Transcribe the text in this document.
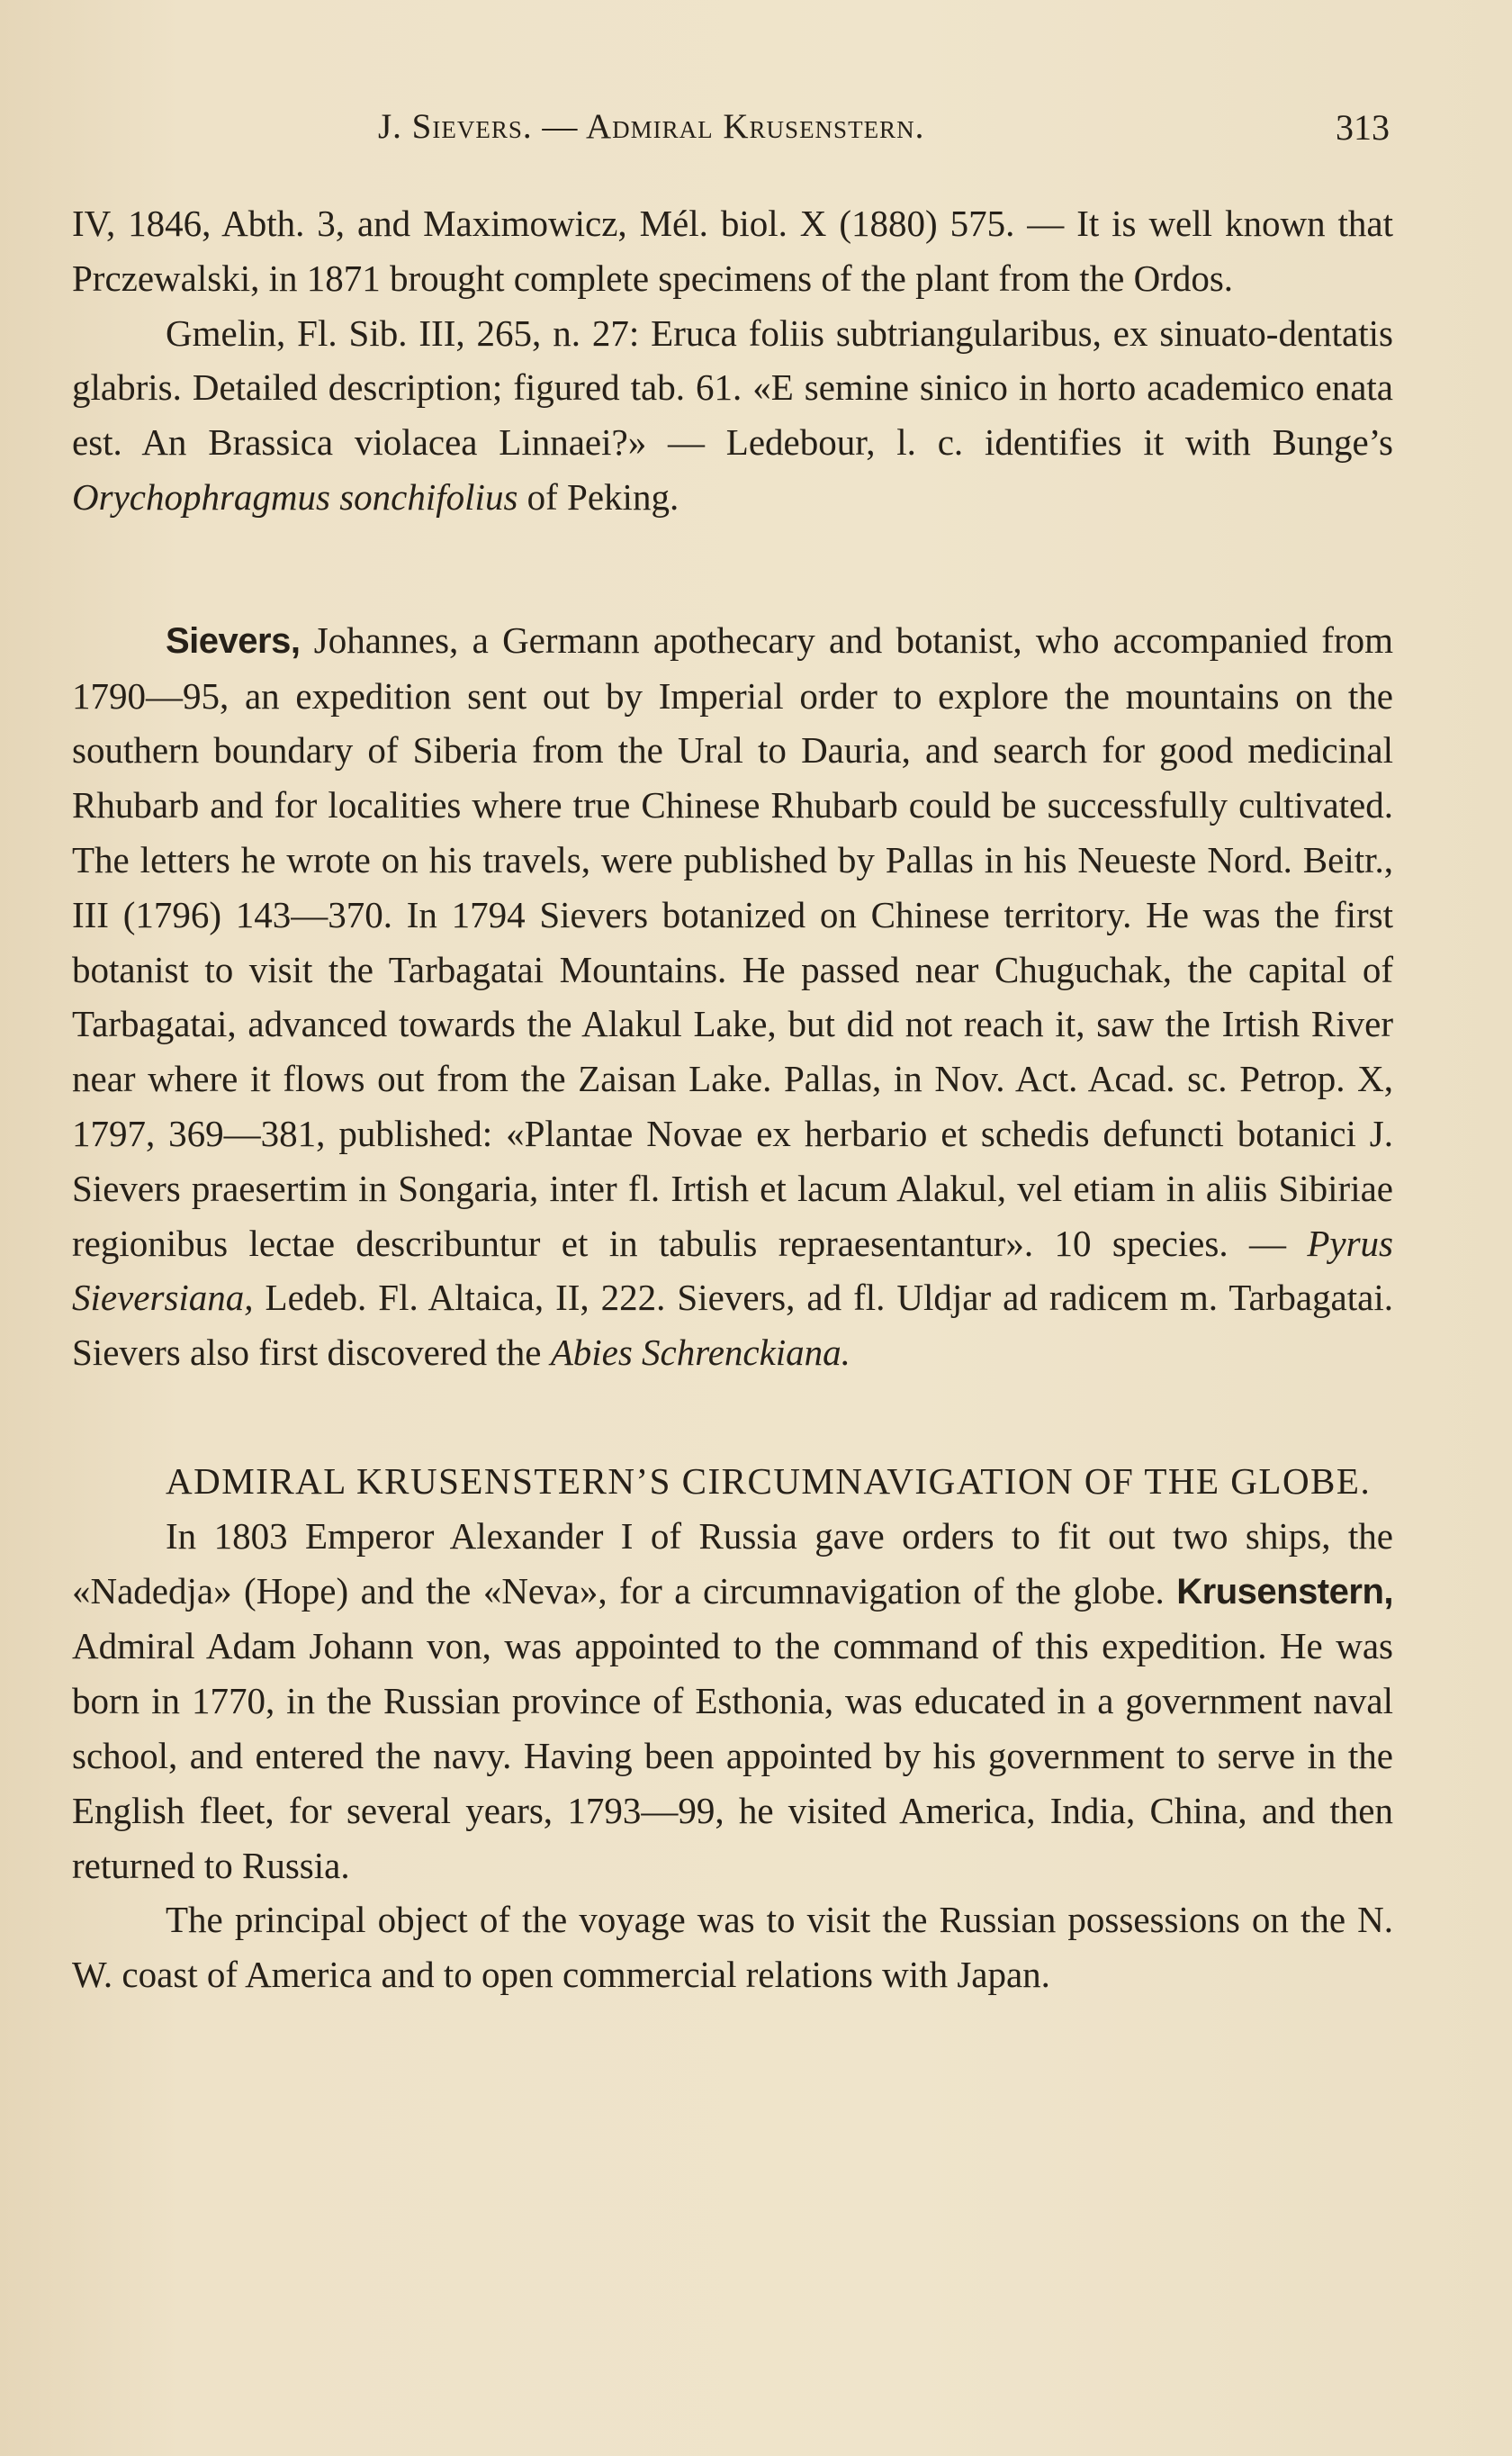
J. Sievers. — Admiral Krusenstern.	313

IV, 1846, Abth. 3, and Maximowicz, Mél. biol. X (1880) 575. — It is well known that Prczewalski, in 1871 brought complete specimens of the plant from the Ordos.

Gmelin, Fl. Sib. III, 265, n. 27: Eruca foliis subtriangularibus, ex sinuato-dentatis glabris. Detailed description; figured tab. 61. «E semine sinico in horto academico enata est. An Brassica violacea Linnaei?» — Ledebour, l. c. identifies it with Bunge’s Orychophragmus sonchifolius of Peking.

Sievers, Johannes, a Germann apothecary and botanist, who accompanied from 1790—95, an expedition sent out by Imperial order to explore the mountains on the southern boundary of Siberia from the Ural to Dauria, and search for good medicinal Rhubarb and for localities where true Chinese Rhubarb could be successfully cultivated. The letters he wrote on his travels, were published by Pallas in his Neueste Nord. Beitr., III (1796) 143—370. In 1794 Sievers botanized on Chinese territory. He was the first botanist to visit the Tarbagatai Mountains. He passed near Chuguchak, the capital of Tarbagatai, advanced towards the Alakul Lake, but did not reach it, saw the Irtish River near where it flows out from the Zaisan Lake. Pallas, in Nov. Act. Acad. sc. Petrop. X, 1797, 369—381, published: «Plantae Novae ex herbario et schedis defuncti botanici J. Sievers praesertim in Songaria, inter fl. Irtish et lacum Alakul, vel etiam in aliis Sibiriae regionibus lectae describuntur et in tabulis repraesentantur». 10 species. — Pyrus Sieversiana, Ledeb. Fl. Altaica, II, 222. Sievers, ad fl. Uldjar ad radicem m. Tarbagatai. Sievers also first discovered the Abies Schrenckiana.

ADMIRAL KRUSENSTERN’S CIRCUMNAVIGATION OF THE GLOBE.

In 1803 Emperor Alexander I of Russia gave orders to fit out two ships, the «Nadedja» (Hope) and the «Neva», for a circumnavigation of the globe. Krusenstern, Admiral Adam Johann von, was appointed to the command of this expedition. He was born in 1770, in the Russian province of Esthonia, was educated in a government naval school, and entered the navy. Having been appointed by his government to serve in the English fleet, for several years, 1793—99, he visited America, India, China, and then returned to Russia.

The principal object of the voyage was to visit the Russian possessions on the N. W. coast of America and to open commercial relations with Japan.
